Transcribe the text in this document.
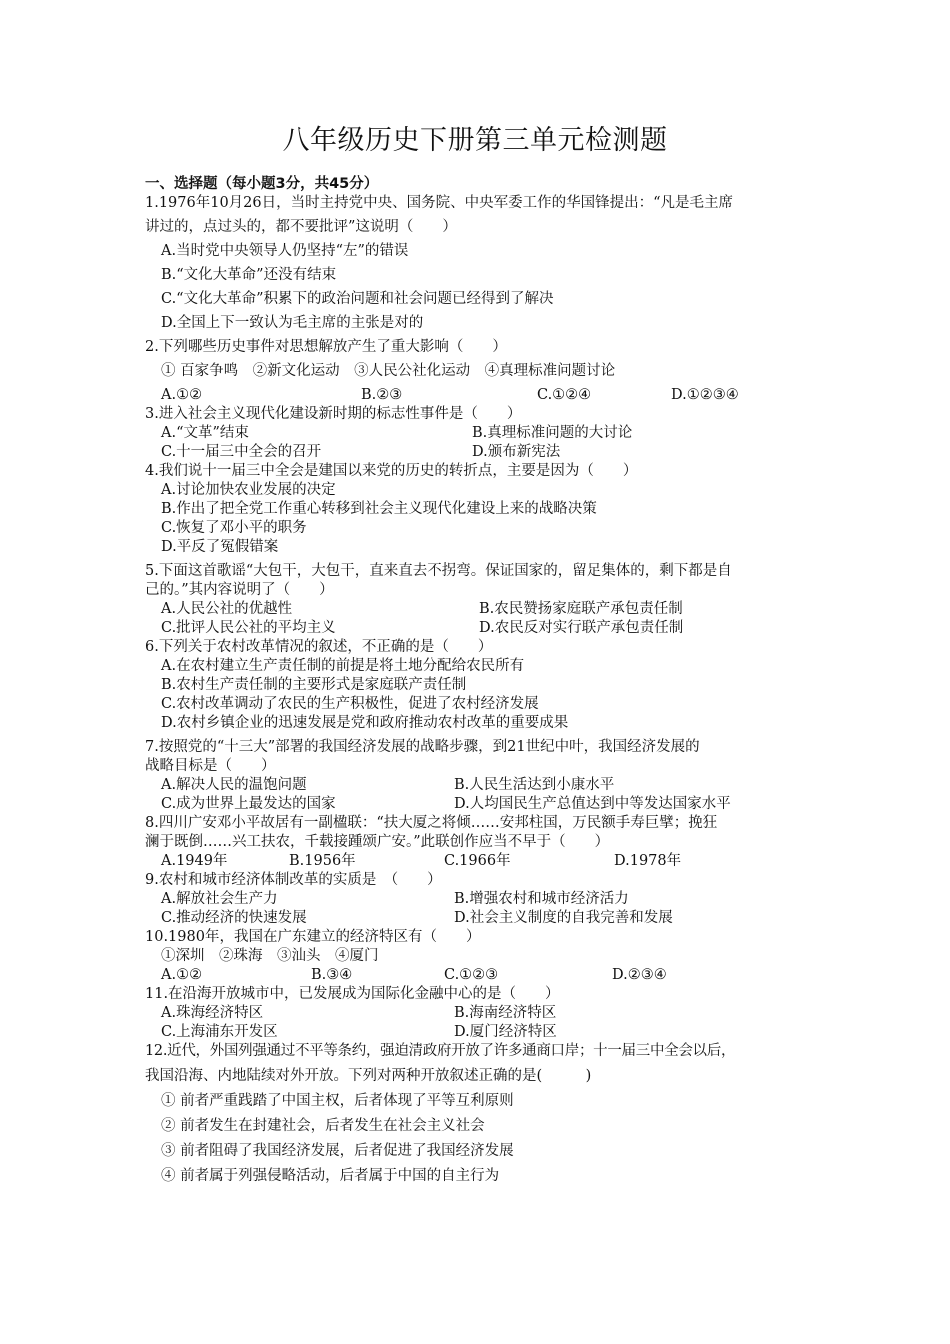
八年级历史下册第三单元检测题
一、选择题（每小题3分，共45分）
1.1976年10月26日，当时主持党中央、国务院、中央军委工作的华国锋提出：“凡是毛主席
讲过的，点过头的，都不要批评”这说明（　　）
A.当时党中央领导人仍坚持“左”的错误
B.“文化大革命”还没有结束
C.“文化大革命”积累下的政治问题和社会问题已经得到了解决
D.全国上下一致认为毛主席的主张是对的
2.下列哪些历史事件对思想解放产生了重大影响（　　）
① 百家争鸣　②新文化运动　③人民公社化运动　④真理标准问题讨论
A.①②	B.②③	C.①②④	D.①②③④
3.进入社会主义现代化建设新时期的标志性事件是（　　）
A.“文革”结束	B.真理标准问题的大讨论
C.十一届三中全会的召开	D.颁布新宪法
4.我们说十一届三中全会是建国以来党的历史的转折点，主要是因为（　　）
A.讨论加快农业发展的决定
B.作出了把全党工作重心转移到社会主义现代化建设上来的战略决策
C.恢复了邓小平的职务
D.平反了冤假错案
5.下面这首歌谣“大包干，大包干，直来直去不拐弯。保证国家的，留足集体的，剩下都是自
己的。”其内容说明了（　　）
A.人民公社的优越性	B.农民赞扬家庭联产承包责任制
C.批评人民公社的平均主义	D.农民反对实行联产承包责任制
6.下列关于农村改革情况的叙述，不正确的是（　　）
A.在农村建立生产责任制的前提是将土地分配给农民所有
B.农村生产责任制的主要形式是家庭联产责任制
C.农村改革调动了农民的生产积极性，促进了农村经济发展
D.农村乡镇企业的迅速发展是党和政府推动农村改革的重要成果
7.按照党的“十三大”部署的我国经济发展的战略步骤，到21世纪中叶，我国经济发展的
战略目标是（　　）
A.解决人民的温饱问题	B.人民生活达到小康水平
C.成为世界上最发达的国家	D.人均国民生产总值达到中等发达国家水平
8.四川广安邓小平故居有一副楹联：“扶大厦之将倾……安邦柱国，万民额手寿巨擘；挽狂
澜于既倒……兴工扶农，千载接踵颂广安。”此联创作应当不早于（　　）
A.1949年	B.1956年	C.1966年	D.1978年
9.农村和城市经济体制改革的实质是　（　　）
A.解放社会生产力	B.增强农村和城市经济活力
C.推动经济的快速发展	D.社会主义制度的自我完善和发展
10.1980年，我国在广东建立的经济特区有（　　）
①深圳　②珠海　③汕头　④厦门
A.①②	B.③④	C.①②③	D.②③④
11.在沿海开放城市中，已发展成为国际化金融中心的是（　　）
A.珠海经济特区	B.海南经济特区
C.上海浦东开发区	D.厦门经济特区
12.近代，外国列强通过不平等条约，强迫清政府开放了许多通商口岸；十一届三中全会以后，
我国沿海、内地陆续对外开放。下列对两种开放叙述正确的是(　　　)
① 前者严重践踏了中国主权，后者体现了平等互利原则
② 前者发生在封建社会，后者发生在社会主义社会
③ 前者阻碍了我国经济发展，后者促进了我国经济发展
④ 前者属于列强侵略活动，后者属于中国的自主行为
